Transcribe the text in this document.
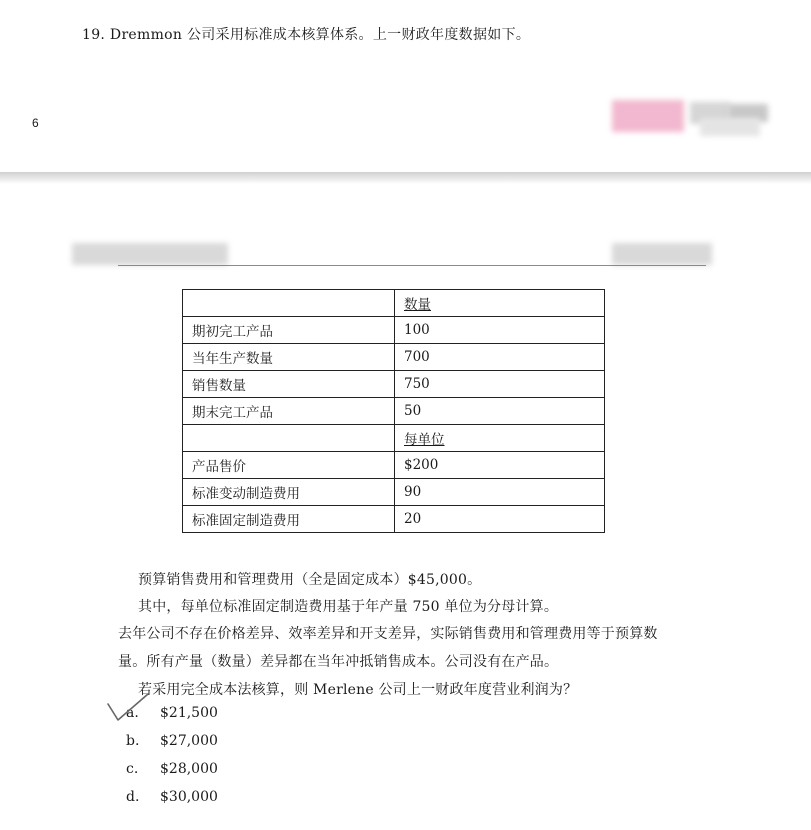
19. Dremmon 公司采用标准成本核算体系。上一财政年度数据如下。
6
	数量
期初完工产品	100
当年生产数量	700
销售数量	750
期末完工产品	50
	每单位
产品售价	$200
标准变动制造费用	90
标准固定制造费用	20
预算销售费用和管理费用（全是固定成本）$45,000。
其中，每单位标准固定制造费用基于年产量 750 单位为分母计算。
去年公司不存在价格差异、效率差异和开支差异，实际销售费用和管理费用等于预算数
量。所有产量（数量）差异都在当年冲抵销售成本。公司没有在产品。
若采用完全成本法核算，则 Merlene 公司上一财政年度营业利润为？
a. $21,500
b. $27,000
c. $28,000
d. $30,000
